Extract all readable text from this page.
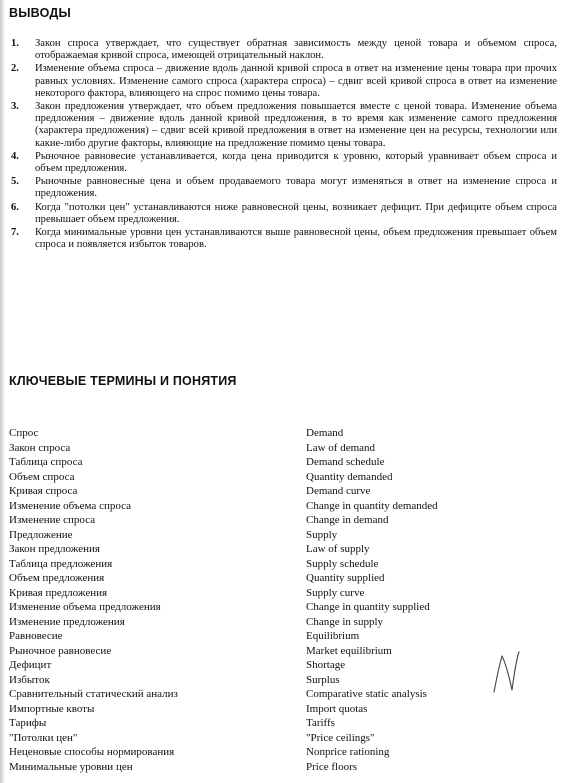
ВЫВОДЫ
1. Закон спроса утверждает, что существует обратная зависимость между ценой товара и объемом спроса, отображаемая кривой спроса, имеющей отрицательный наклон.
2. Изменение объема спроса – движение вдоль данной кривой спроса в ответ на изменение цены товара при прочих равных условиях. Изменение самого спроса (характера спроса) – сдвиг всей кривой спроса в ответ на изменение некоторого фактора, влияющего на спрос помимо цены товара.
3. Закон предложения утверждает, что объем предложения повышается вместе с ценой товара. Изменение объема предложения – движение вдоль данной кривой предложения, в то время как изменение самого предложения (характера предложения) – сдвиг всей кривой предложения в ответ на изменение цен на ресурсы, технологии или какие-либо другие факторы, влияющие на предложение помимо цены товара.
4. Рыночное равновесие устанавливается, когда цена приводится к уровню, который уравнивает объем спроса и объем предложения.
5. Рыночные равновесные цена и объем продаваемого товара могут изменяться в ответ на изменение спроса и предложения.
6. Когда "потолки цен" устанавливаются ниже равновесной цены, возникает дефицит. При дефиците объем спроса превышает объем предложения.
7. Когда минимальные уровни цен устанавливаются выше равновесной цены, объем предложения превышает объем спроса и появляется избыток товаров.
КЛЮЧЕВЫЕ ТЕРМИНЫ И ПОНЯТИЯ
Спрос	Demand
Закон спроса	Law of demand
Таблица спроса	Demand schedule
Объем спроса	Quantity demanded
Кривая спроса	Demand curve
Изменение объема спроса	Change in quantity demanded
Изменение спроса	Change in demand
Предложение	Supply
Закон предложения	Law of supply
Таблица предложения	Supply schedule
Объем предложения	Quantity supplied
Кривая предложения	Supply curve
Изменение объема предложения	Change in quantity supplied
Изменение предложения	Change in supply
Равновесие	Equilibrium
Рыночное равновесие	Market equilibrium
Дефицит	Shortage
Избыток	Surplus
Сравнительный статический анализ	Comparative static analysis
Импортные квоты	Import quotas
Тарифы	Tariffs
"Потолки цен"	"Price ceilings"
Неценовые способы нормирования	Nonprice rationing
Минимальные уровни цен	Price floors
